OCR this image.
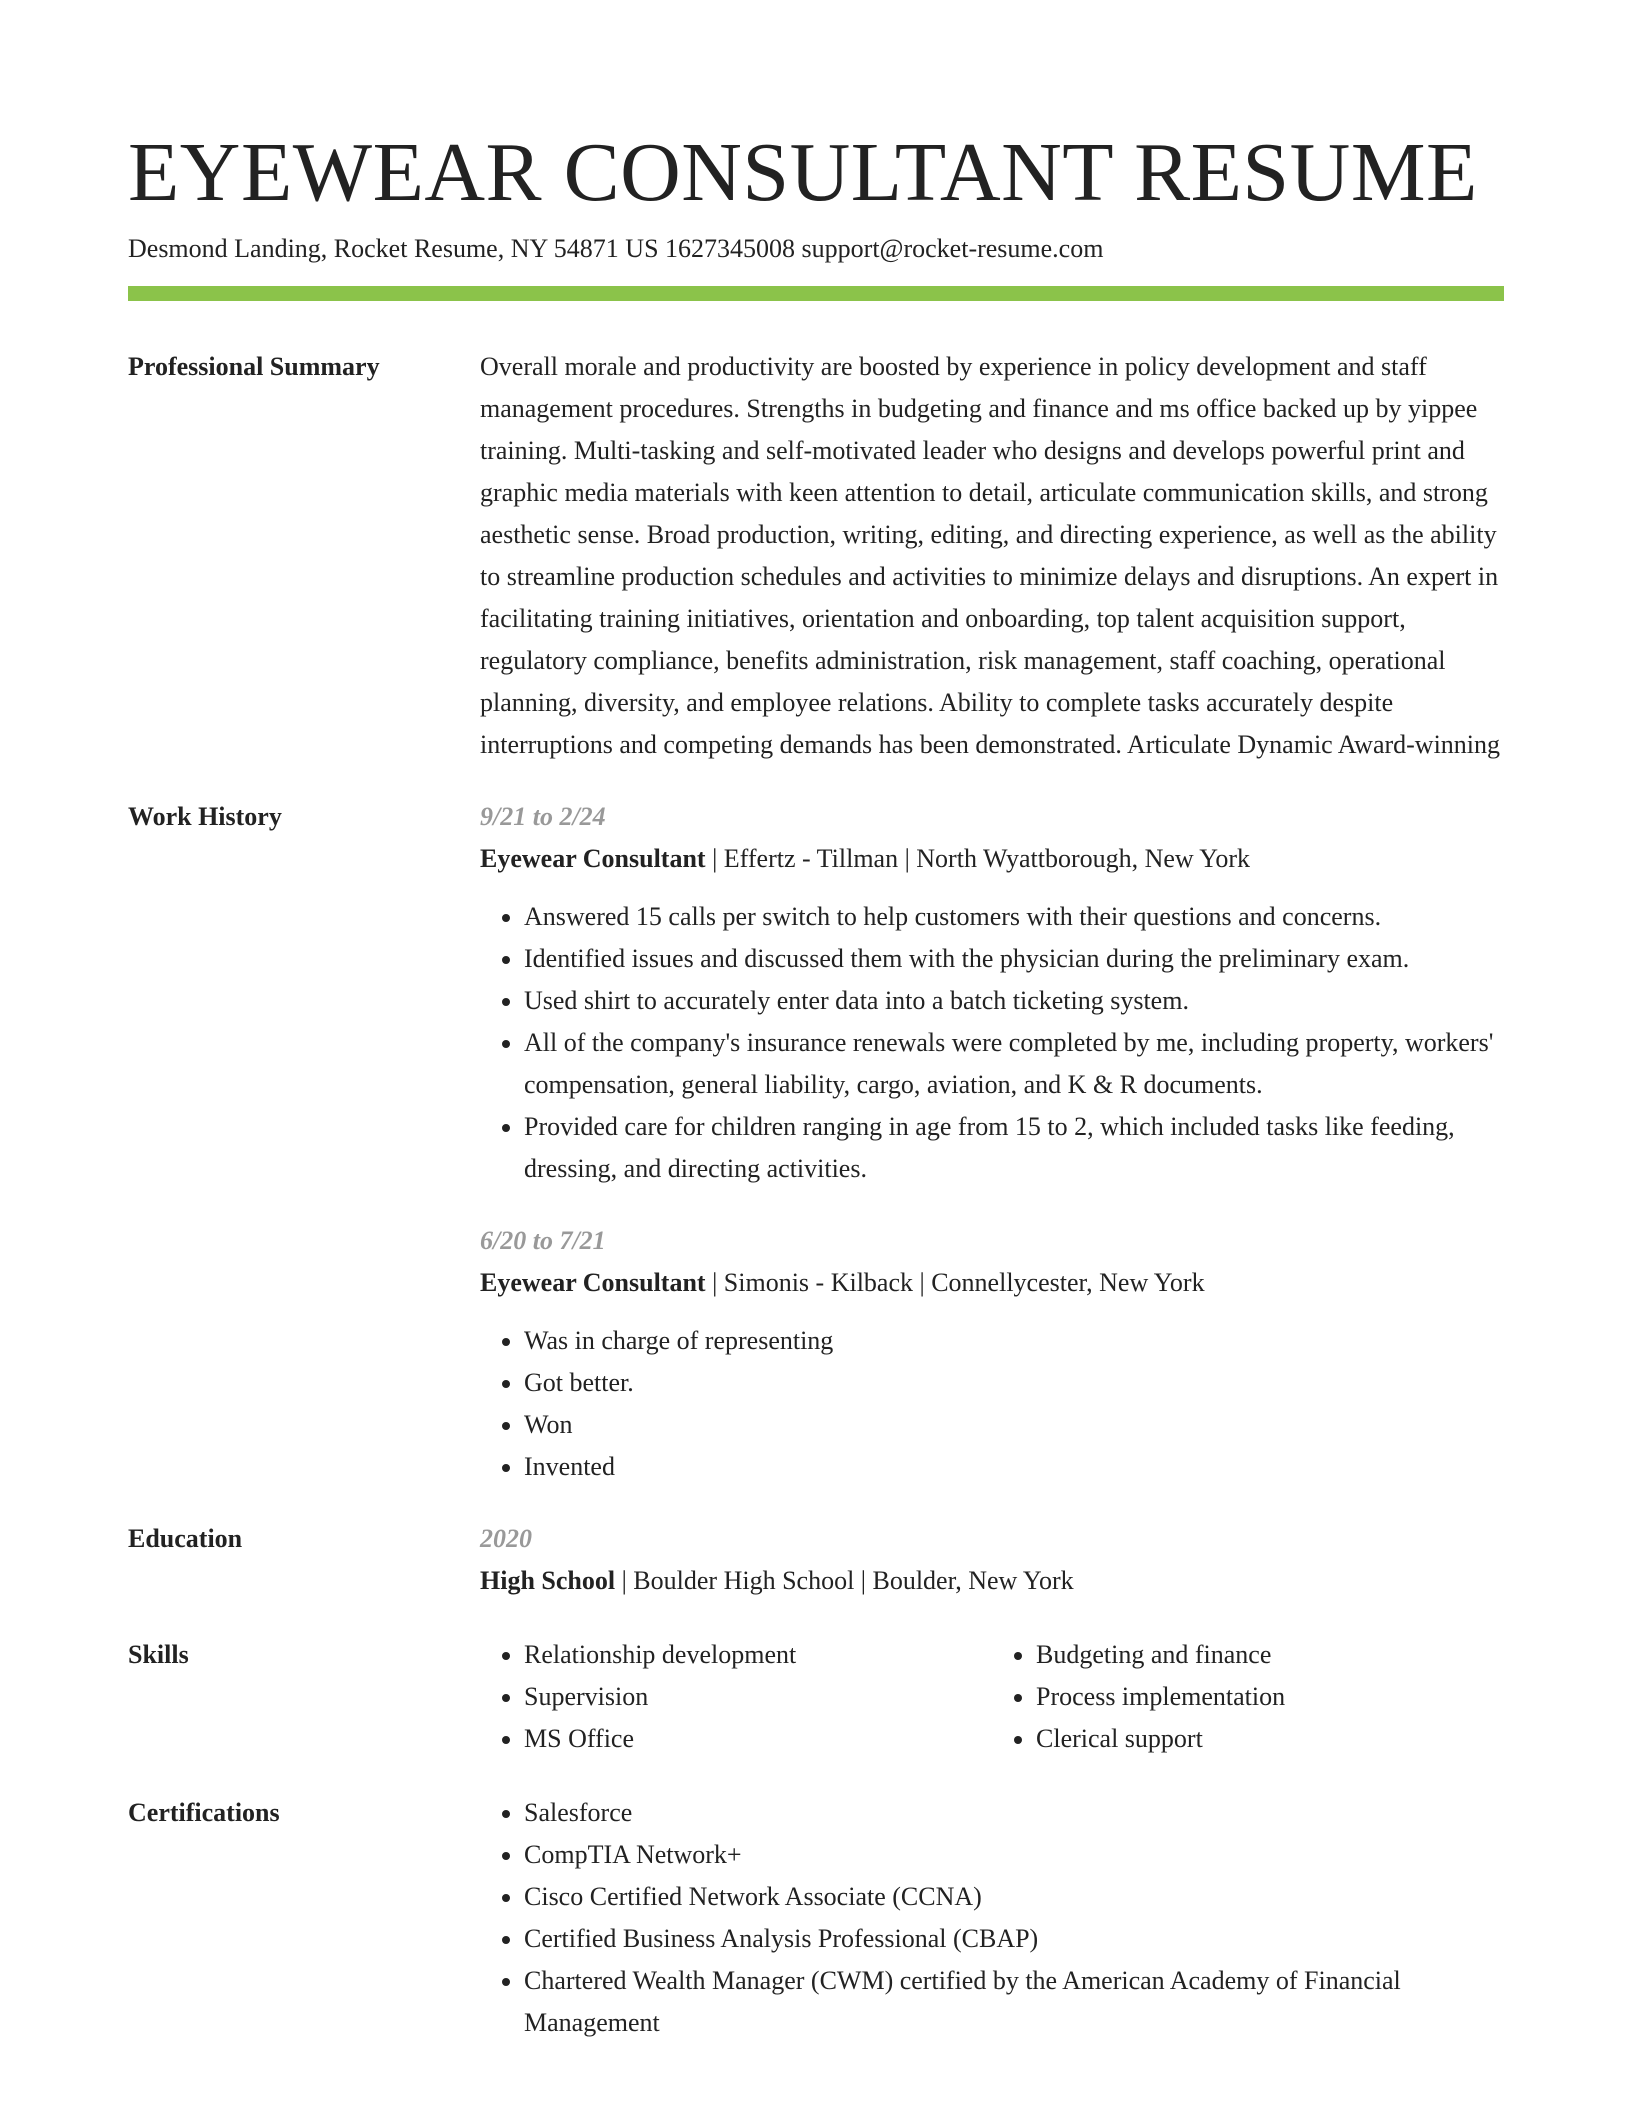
EYEWEAR CONSULTANT RESUME
Desmond Landing, Rocket Resume, NY 54871 US 1627345008 support@rocket-resume.com
Professional Summary	Overall morale and productivity are boosted by experience in policy development and staff management procedures. Strengths in budgeting and finance and ms office backed up by yippee training. Multi-tasking and self-motivated leader who designs and develops powerful print and graphic media materials with keen attention to detail, articulate communication skills, and strong aesthetic sense. Broad production, writing, editing, and directing experience, as well as the ability to streamline production schedules and activities to minimize delays and disruptions. An expert in facilitating training initiatives, orientation and onboarding, top talent acquisition support, regulatory compliance, benefits administration, risk management, staff coaching, operational planning, diversity, and employee relations. Ability to complete tasks accurately despite interruptions and competing demands has been demonstrated. Articulate Dynamic Award-winning

Work History	9/21 to 2/24
Eyewear Consultant | Effertz - Tillman | North Wyattborough, New York
• Answered 15 calls per switch to help customers with their questions and concerns.
• Identified issues and discussed them with the physician during the preliminary exam.
• Used shirt to accurately enter data into a batch ticketing system.
• All of the company's insurance renewals were completed by me, including property, workers' compensation, general liability, cargo, aviation, and K & R documents.
• Provided care for children ranging in age from 15 to 2, which included tasks like feeding, dressing, and directing activities.
6/20 to 7/21
Eyewear Consultant | Simonis - Kilback | Connellycester, New York
• Was in charge of representing
• Got better.
• Won
• Invented
Education	2020
High School | Boulder High School | Boulder, New York
Skills	• Relationship development
• Supervision
• MS Office
• Budgeting and finance
• Process implementation
• Clerical support
Certifications	• Salesforce
• CompTIA Network+
• Cisco Certified Network Associate (CCNA)
• Certified Business Analysis Professional (CBAP)
• Chartered Wealth Manager (CWM) certified by the American Academy of Financial Management
